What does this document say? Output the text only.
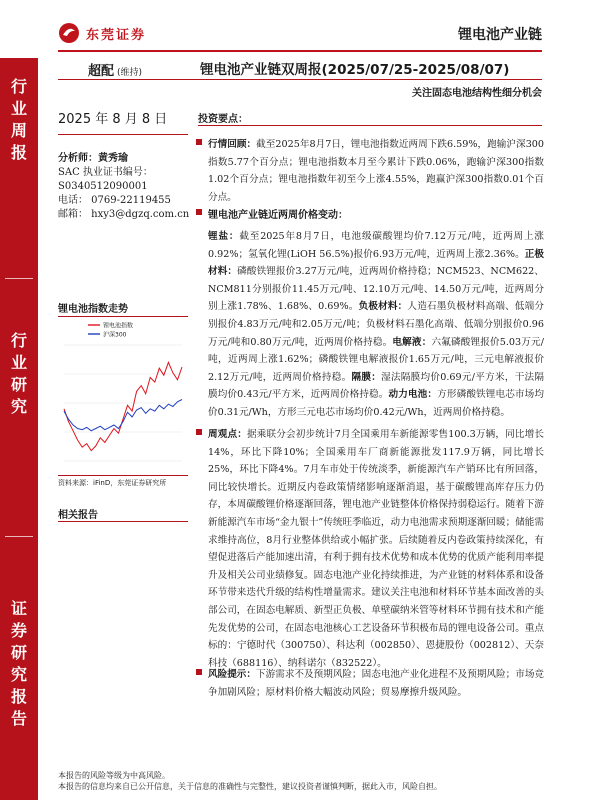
东莞证券	锂电池产业链
行
业
周
报
行
业
研
究
证
券
研
究
报
告
超配 (维持)	锂电池产业链双周报(2025/07/25-2025/08/07)
关注固态电池结构性细分机会
2025 年 8 月 8 日
分析师：黄秀瑜
SAC 执业证书编号：
S0340512090001
电话： 0769-22119455
邮箱： hxy3@dgzq.com.cn
锂电池指数走势
锂电池指数
沪深300
资料来源：iFinD，东莞证券研究所
相关报告
投资要点：
行情回顾：截至2025年8月7日，锂电池指数近两周下跌6.59%，跑输沪深300指数5.77个百分点；锂电池指数本月至今累计下跌0.06%，跑输沪深300指数1.02个百分点；锂电池指数年初至今上涨4.55%，跑赢沪深300指数0.01个百分点。
锂电池产业链近两周价格变动：
锂盐：截至2025年8月7日，电池级碳酸锂均价7.12万元/吨，近两周上涨0.92%；氢氧化锂(LiOH 56.5%)报价6.93万元/吨，近两周上涨2.36%。正极材料：磷酸铁锂报价3.27万元/吨，近两周价格持稳；NCM523、NCM622、NCM811分别报价11.45万元/吨、12.10万元/吨、14.50万元/吨，近两周分别上涨1.78%、1.68%、0.69%。负极材料：人造石墨负极材料高端、低端分别报价4.83万元/吨和2.05万元/吨；负极材料石墨化高端、低端分别报价0.96万元/吨和0.80万元/吨，近两周价格持稳。电解液：六氟磷酸锂报价5.03万元/吨，近两周上涨1.62%；磷酸铁锂电解液报价1.65万元/吨，三元电解液报价2.12万元/吨，近两周价格持稳。隔膜：湿法隔膜均价0.69元/平方米，干法隔膜均价0.43元/平方米，近两周价格持稳。动力电池：方形磷酸铁锂电芯市场均价0.31元/Wh，方形三元电芯市场均价0.42元/Wh，近两周价格持稳。
周观点：据乘联分会初步统计7月全国乘用车新能源零售100.3万辆，同比增长14%，环比下降10%；全国乘用车厂商新能源批发117.9万辆，同比增长25%，环比下降4%。7月车市处于传统淡季，新能源汽车产销环比有所回落，同比较快增长。近期反内卷政策情绪影响逐渐消退，基于碳酸锂高库存压力仍存，本周碳酸锂价格逐渐回落，锂电池产业链整体价格保持弱稳运行。随着下游新能源汽车市场“金九银十”传统旺季临近，动力电池需求预期逐渐回暖；储能需求维持高位，8月行业整体供给或小幅扩张。后续随着反内卷政策持续深化，有望促进落后产能加速出清，有利于拥有技术优势和成本优势的优质产能利用率提升及相关公司业绩修复。固态电池产业化持续推进，为产业链的材料体系和设备环节带来迭代升级的结构性增量需求。建议关注电池和材料环节基本面改善的头部公司，在固态电解质、新型正负极、单壁碳纳米管等材料环节拥有技术和产能先发优势的公司，在固态电池核心工艺设备环节积极布局的锂电设备公司。重点标的：宁德时代（300750）、科达利（002850）、恩捷股份（002812）、天奈科技（688116）、纳科诺尔（832522）。
风险提示：下游需求不及预期风险；固态电池产业化进程不及预期风险；市场竞争加剧风险；原材料价格大幅波动风险；贸易摩擦升级风险。
本报告的风险等级为中高风险。
本报告的信息均来自已公开信息，关于信息的准确性与完整性，建议投资者谨慎判断，据此入市，风险自担。
